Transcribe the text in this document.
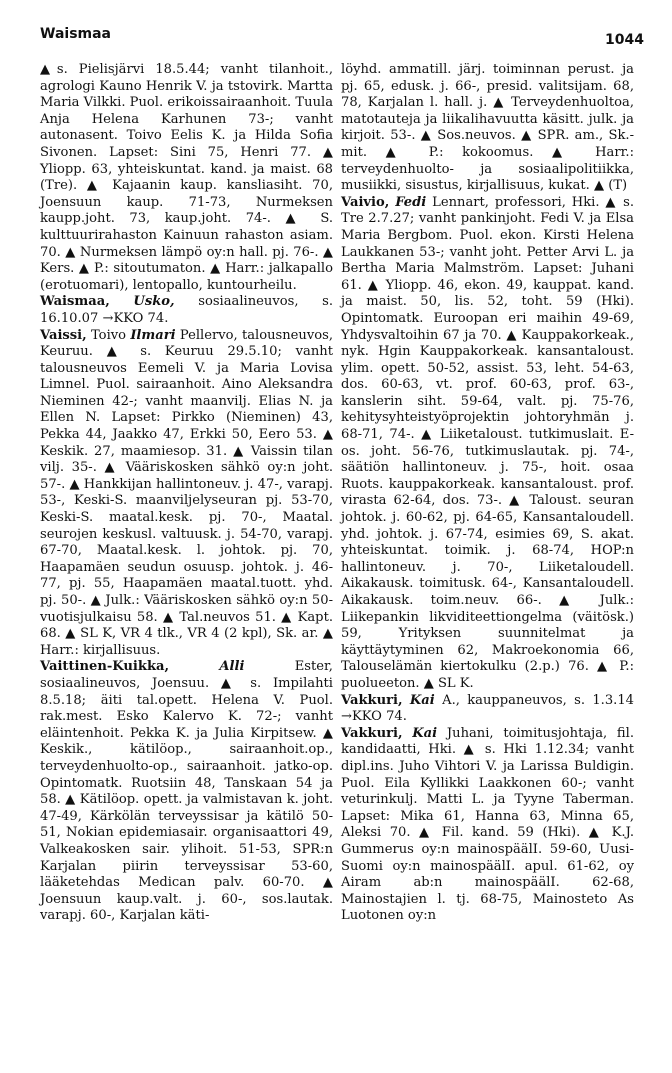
Waismaa	1044

▲s. Pielisjärvi 18.5.44; vanht tilanhoit., agrologi Kauno Henrik V. ja tstovirk. Martta Maria Vilkki. Puol. erikoissairaanhoit. Tuula Anja Helena Karhunen 73-; vanht autonasent. Toivo Eelis K. ja Hilda Sofia Sivonen. Lapset: Sini 75, Henri 77. ▲ Yliopp. 63, yhteiskuntat. kand. ja maist. 68 (Tre). ▲ Kajaanin kaup. kansliasiht. 70, Joensuun kaup. 71-73, Nurmeksen kaupp.joht. 73, kaup.joht. 74-. ▲ S. kulttuurirahaston Kainuun rahaston asiam. 70. ▲ Nurmeksen lämpö oy:n hall. pj. 76-. ▲ Kers. ▲ P.: sitoutumaton. ▲ Harr.: jalkapallo (erotuomari), lentopallo, kuntourheilu.

Waismaa, Usko, sosiaalineuvos, s. 16.10.07 →KKO 74.

Vaissi, Toivo Ilmari Pellervo, talousneuvos, Keuruu. ▲ s. Keuruu 29.5.10; vanht talousneuvos Eemeli V. ja Maria Lovisa Limnel. Puol. sairaanhoit. Aino Aleksandra Nieminen 42-; vanht maanvilj. Elias N. ja Ellen N. Lapset: Pirkko (Nieminen) 43, Pekka 44, Jaakko 47, Erkki 50, Eero 53. ▲ Keskik. 27, maamiesop. 31. ▲ Vaissin tilan vilj. 35-. ▲ Vääriskosken sähkö oy:n joht. 57-. ▲ Hankkijan hallintoneuv. j. 47-, varapj. 53-, Keski-S. maanviljelyseuran pj. 53-70, Keski-S. maatal.kesk. pj. 70-, Maatal. seurojen keskusl. valtuusk. j. 54-70, varapj. 67-70, Maatal.kesk. l. johtok. pj. 70, Haapamäen seudun osuusp. johtok. j. 46-77, pj. 55, Haapamäen maatal.tuott. yhd. pj. 50-. ▲ Julk.: Vääriskosken sähkö oy:n 50-vuotisjulkaisu 58. ▲ Tal.neuvos 51. ▲ Kapt. 68. ▲ SL K, VR 4 tlk., VR 4 (2 kpl), Sk. ar. ▲ Harr.: kirjallisuus.

Vaittinen-Kuikka,	Alli	Ester, sosiaalineuvos, Joensuu. ▲ s. Impilahti 8.5.18; äiti tal.opett. Helena V. Puol. rak.mest. Esko Kalervo K. 72-; vanht eläintenhoit. Pekka K. ja Julia Kirpitsew. ▲ Keskik., kätilöop., sairaanhoit.op., terveydenhuolto-op., sairaanhoit. jatko-op. Opintomatk. Ruotsiin 48, Tanskaan 54 ja 58. ▲ Kätilöop. opett. ja valmistavan k. joht. 47-49, Kärkölän terveyssisar ja kätilö 50-51, Nokian epidemiasair. organisaattori 49, Valkeakosken sair. ylihoit. 51-53, SPR:n Karjalan piirin terveyssisar 53-60, lääketehdas Medican palv. 60-70. ▲ Joensuun kaup.valt. j. 60-, sos.lautak. varapj. 60-, Karjalan käti-

löyhd. ammatill. järj. toiminnan perust. ja pj. 65, edusk. j. 66-, presid. valitsijam. 68, 78, Karjalan l. hall. j. ▲ Terveydenhuoltoa, matotauteja ja liikalihavuutta käsitt. julk. ja kirjoit. 53-. ▲ Sos.neuvos. ▲ SPR. am., Sk.-mit. ▲ P.: kokoomus. ▲ Harr.: terveydenhuolto- ja sosiaalipolitiikka, musiikki, sisustus, kirjallisuus, kukat. ▲ (T)

Vaivio, Fedi Lennart, professori, Hki. ▲ s. Tre 2.7.27; vanht pankinjoht. Fedi V. ja Elsa Maria Bergbom. Puol. ekon. Kirsti Helena Laukkanen 53-; vanht joht. Petter Arvi L. ja Bertha Maria Malmström. Lapset: Juhani 61. ▲ Yliopp. 46, ekon. 49, kauppat. kand. ja maist. 50, lis. 52, toht. 59 (Hki). Opintomatk. Euroopan eri maihin 49-69, Yhdysvaltoihin 67 ja 70. ▲ Kauppakorkeak., nyk. Hgin Kauppakorkeak. kansantaloust. ylim. opett. 50-52, assist. 53, leht. 54-63, dos. 60-63, vt. prof. 60-63, prof. 63-, kanslerin siht. 59-64, valt. pj. 75-76, kehitysyhteistyöprojektin johtoryhmän j. 68-71, 74-. ▲ Liiketaloust. tutkimuslait. E-os. joht. 56-76, tutkimuslautak. pj. 74-, säätiön hallintoneuv. j. 75-, hoit. osaa Ruots. kauppakorkeak. kansantaloust. prof. virasta 62-64, dos. 73-. ▲ Taloust. seuran johtok. j. 60-62, pj. 64-65, Kansantaloudell. yhd. johtok. j. 67-74, esimies 69, S. akat. yhteiskuntat. toimik. j. 68-74, HOP:n hallintoneuv. j. 70-, Liiketaloudell. Aikakausk. toimitusk. 64-, Kansantaloudell. Aikakausk. toim.neuv. 66-. ▲ Julk.: Liikepankin likviditeettiongelma (väitösk.) 59, Yrityksen suunnitelmat ja käyttäytyminen 62, Makroekonomia 66, Talouselämän kiertokulku (2.p.) 76. ▲ P.: puolueeton. ▲ SL K.

Vakkuri, Kai A., kauppaneuvos, s. 1.3.14 →KKO 74.

Vakkuri, Kai Juhani, toimitusjohtaja, fil. kandidaatti, Hki. ▲ s. Hki 1.12.34; vanht dipl.ins. Juho Vihtori V. ja Larissa Buldigin. Puol. Eila Kyllikki Laakkonen 60-; vanht veturinkulj. Matti L. ja Tyyne Taberman. Lapset: Mika 61, Hanna 63, Minna 65, Aleksi 70. ▲ Fil. kand. 59 (Hki). ▲ K.J. Gummerus oy:n mainospäälI. 59-60, Uusi-Suomi oy:n mainospäälI. apul. 61-62, oy Airam ab:n mainospäälI. 62-68, Mainostajien l. tj. 68-75, Mainosteto As Luotonen oy:n
